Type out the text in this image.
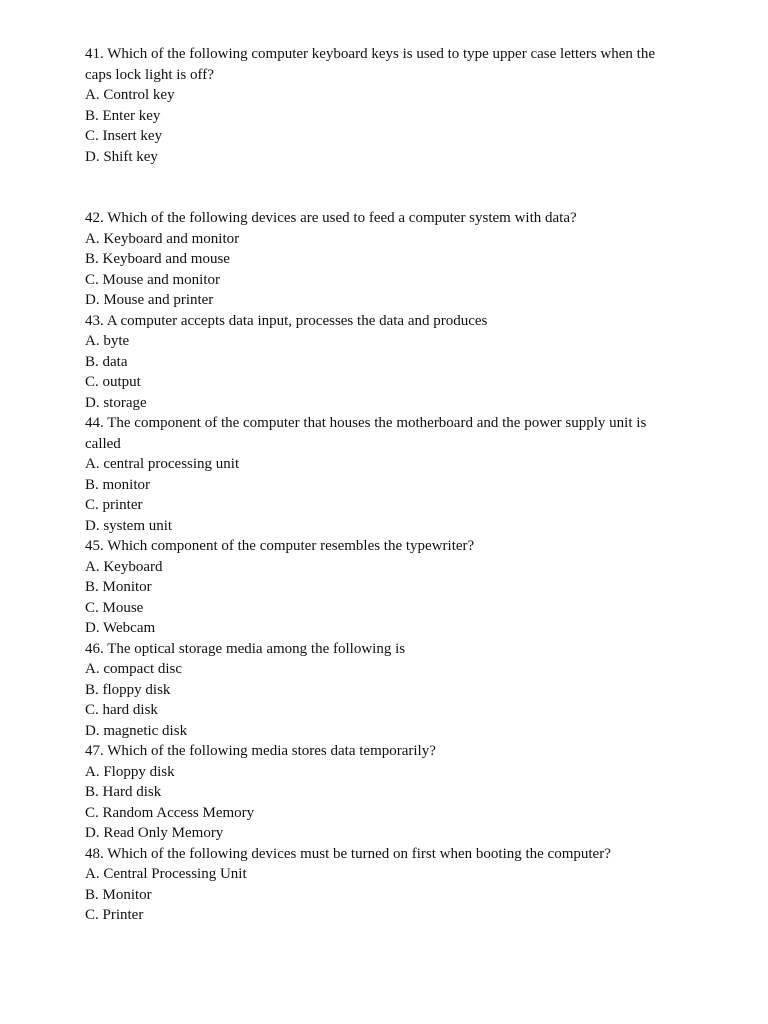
41. Which of the following computer keyboard keys is used to type upper case letters when the caps lock light is off?
A. Control key
B. Enter key
C. Insert key
D. Shift key
42. Which of the following devices are used to feed a computer system with data?
A. Keyboard and monitor
B. Keyboard and mouse
C. Mouse and monitor
D. Mouse and printer
43. A computer accepts data input, processes the data and produces
A. byte
B. data
C. output
D. storage
44. The component of the computer that houses the motherboard and the power supply unit is called
A. central processing unit
B. monitor
C. printer
D. system unit
45. Which component of the computer resembles the typewriter?
A. Keyboard
B. Monitor
C. Mouse
D. Webcam
46. The optical storage media among the following is
A. compact disc
B. floppy disk
C. hard disk
D. magnetic disk
47. Which of the following media stores data temporarily?
A. Floppy disk
B. Hard disk
C. Random Access Memory
D. Read Only Memory
48. Which of the following devices must be turned on first when booting the computer?
A. Central Processing Unit
B. Monitor
C. Printer
